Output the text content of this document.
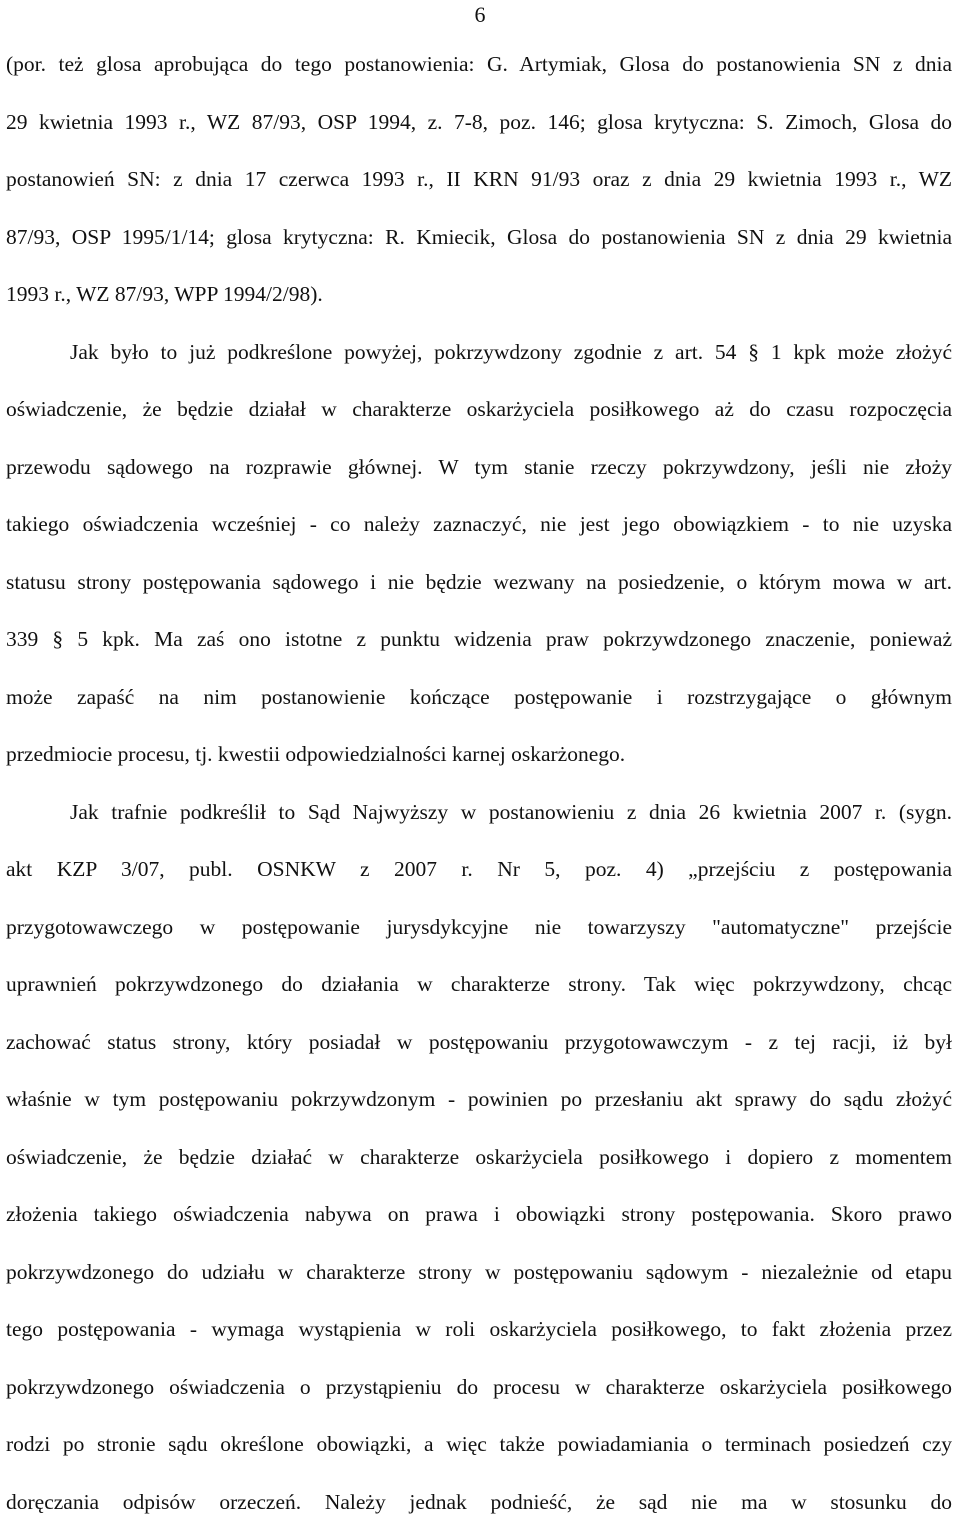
6
(por. też glosa aprobująca do tego postanowienia: G. Artymiak, Glosa do postanowienia SN z dnia
29 kwietnia 1993 r., WZ 87/93, OSP 1994, z. 7-8, poz. 146; glosa krytyczna: S. Zimoch, Glosa do
postanowień SN: z dnia 17 czerwca 1993 r., II KRN 91/93 oraz z dnia 29 kwietnia 1993 r., WZ
87/93, OSP 1995/1/14; glosa krytyczna: R. Kmiecik, Glosa do postanowienia SN z dnia 29 kwietnia
1993 r., WZ 87/93, WPP 1994/2/98).
Jak było to już podkreślone powyżej, pokrzywdzony zgodnie z art. 54 § 1 kpk może złożyć
oświadczenie, że będzie działał w charakterze oskarżyciela posiłkowego aż do czasu rozpoczęcia
przewodu sądowego na rozprawie głównej. W tym stanie rzeczy pokrzywdzony, jeśli nie złoży
takiego oświadczenia wcześniej - co należy zaznaczyć, nie jest jego obowiązkiem - to nie uzyska
statusu strony postępowania sądowego i nie będzie wezwany na posiedzenie, o którym mowa w art.
339 § 5 kpk. Ma zaś ono istotne z punktu widzenia praw pokrzywdzonego znaczenie, ponieważ
może zapaść na nim postanowienie kończące postępowanie i rozstrzygające o głównym
przedmiocie procesu, tj. kwestii odpowiedzialności karnej oskarżonego.
Jak trafnie podkreślił to Sąd Najwyższy w postanowieniu z dnia 26 kwietnia 2007 r. (sygn.
akt KZP 3/07, publ. OSNKW z 2007 r. Nr 5, poz. 4) „przejściu z postępowania
przygotowawczego w postępowanie jurysdykcyjne nie towarzyszy "automatyczne" przejście
uprawnień pokrzywdzonego do działania w charakterze strony. Tak więc pokrzywdzony, chcąc
zachować status strony, który posiadał w postępowaniu przygotowawczym - z tej racji, iż był
właśnie w tym postępowaniu pokrzywdzonym - powinien po przesłaniu akt sprawy do sądu złożyć
oświadczenie, że będzie działać w charakterze oskarżyciela posiłkowego i dopiero z momentem
złożenia takiego oświadczenia nabywa on prawa i obowiązki strony postępowania. Skoro prawo
pokrzywdzonego do udziału w charakterze strony w postępowaniu sądowym - niezależnie od etapu
tego postępowania - wymaga wystąpienia w roli oskarżyciela posiłkowego, to fakt złożenia przez
pokrzywdzonego oświadczenia o przystąpieniu do procesu w charakterze oskarżyciela posiłkowego
rodzi po stronie sądu określone obowiązki, a więc także powiadamiania o terminach posiedzeń czy
doręczania odpisów orzeczeń. Należy jednak podnieść, że sąd nie ma w stosunku do
